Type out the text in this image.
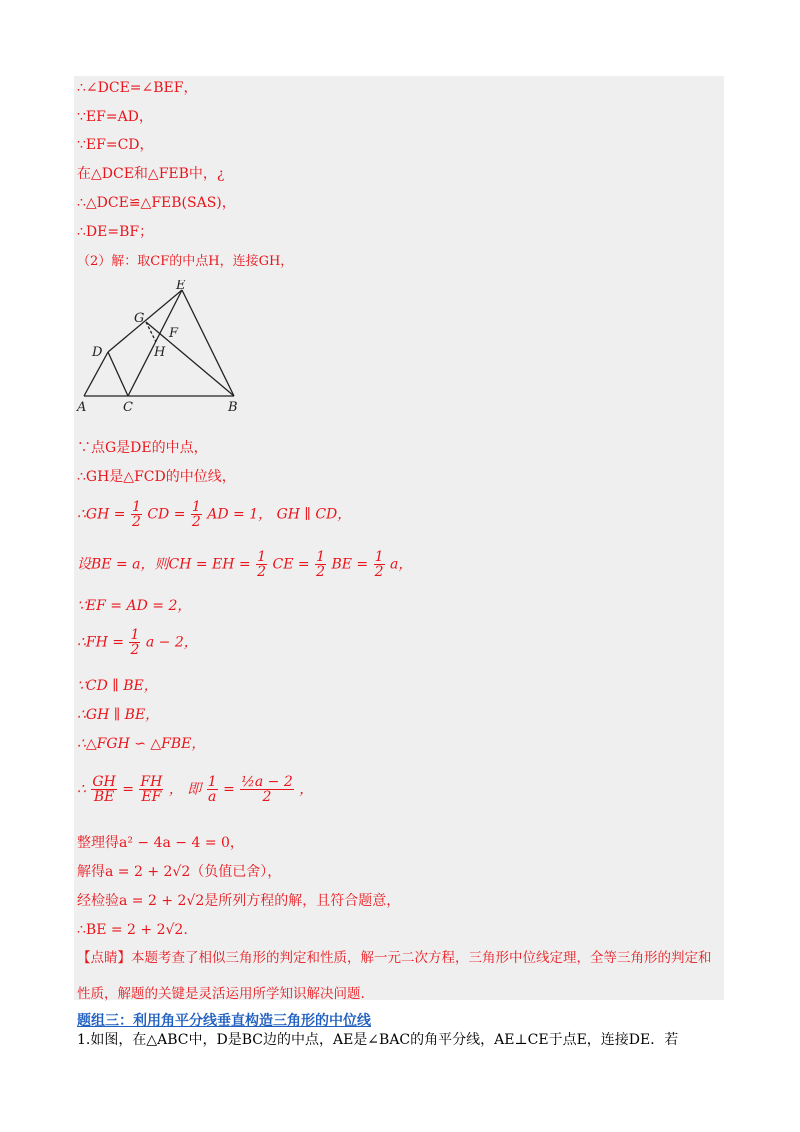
∴∠DCE=∠BEF，
∵EF=AD，
∵EF=CD，
在△DCE和△FEB中，¿
∴△DCE≌△FEB(SAS)，
∴DE=BF；
（2）解：取CF的中点H，连接GH，
E
G
F
D	H
A	C	B
∵点G是DE的中点，
∴GH是△FCD的中位线，
∴GH = $\frac{1}{2}$ CD = $\frac{1}{2}$ AD = 1， GH ∥ CD，
设BE = a，则CH = EH = $\frac{1}{2}$ CE = $\frac{1}{2}$ BE = $\frac{1}{2}$ a，
∵EF = AD = 2，
∴FH = $\frac{1}{2}$ a − 2，
∵CD ∥ BE，
∴GH ∥ BE，
∴△FGH ∽ △FBE，
∴ $\frac{GH}{BE} = \frac{FH}{EF}$ ， 即 $\frac{1}{a} = \frac{\text{½a − 2}}{2}$ ，
整理得a² − 4a − 4 = 0，
解得a = 2 + 2√2（负值已舍），
经检验a = 2 + 2√2是所列方程的解，且符合题意，
∴BE = 2 + 2√2.
【点睛】本题考查了相似三角形的判定和性质，解一元二次方程，三角形中位线定理，全等三角形的判定和性质，解题的关键是灵活运用所学知识解决问题.
题组三：利用角平分线垂直构造三角形的中位线
1.如图，在△ABC中，D是BC边的中点，AE是∠BAC的角平分线，AE⊥CE于点E，连接DE．若
